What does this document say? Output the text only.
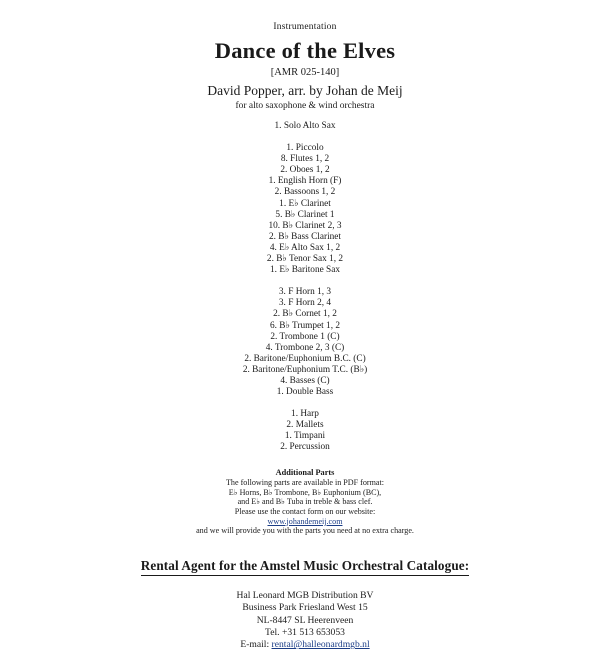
Instrumentation
Dance of the Elves
[AMR 025-140]
David Popper, arr. by Johan de Meij
for alto saxophone & wind orchestra
1. Solo Alto Sax
1. Piccolo
8. Flutes 1, 2
2. Oboes 1, 2
1. English Horn (F)
2. Bassoons 1, 2
1. E♭ Clarinet
5. B♭ Clarinet 1
10. B♭ Clarinet 2, 3
2. B♭ Bass Clarinet
4. E♭ Alto Sax 1, 2
2. B♭ Tenor Sax 1, 2
1. E♭ Baritone Sax
3. F Horn 1, 3
3. F Horn 2, 4
2. B♭ Cornet 1, 2
6. B♭ Trumpet 1, 2
2. Trombone 1 (C)
4. Trombone 2, 3 (C)
2. Baritone/Euphonium B.C. (C)
2. Baritone/Euphonium T.C. (B♭)
4. Basses (C)
1. Double Bass
1. Harp
2. Mallets
1. Timpani
2. Percussion
Additional Parts
The following parts are available in PDF format:
E♭ Horns, B♭ Trombone, B♭ Euphonium (BC),
and E♭ and B♭ Tuba in treble & bass clef.
Please use the contact form on our website:
www.johandemeij.com
and we will provide you with the parts you need at no extra charge.
Rental Agent for the Amstel Music Orchestral Catalogue:
Hal Leonard MGB Distribution BV
Business Park Friesland West 15
NL-8447 SL Heerenveen
Tel. +31 513 653053
E-mail: rental@halleonardmgb.nl
